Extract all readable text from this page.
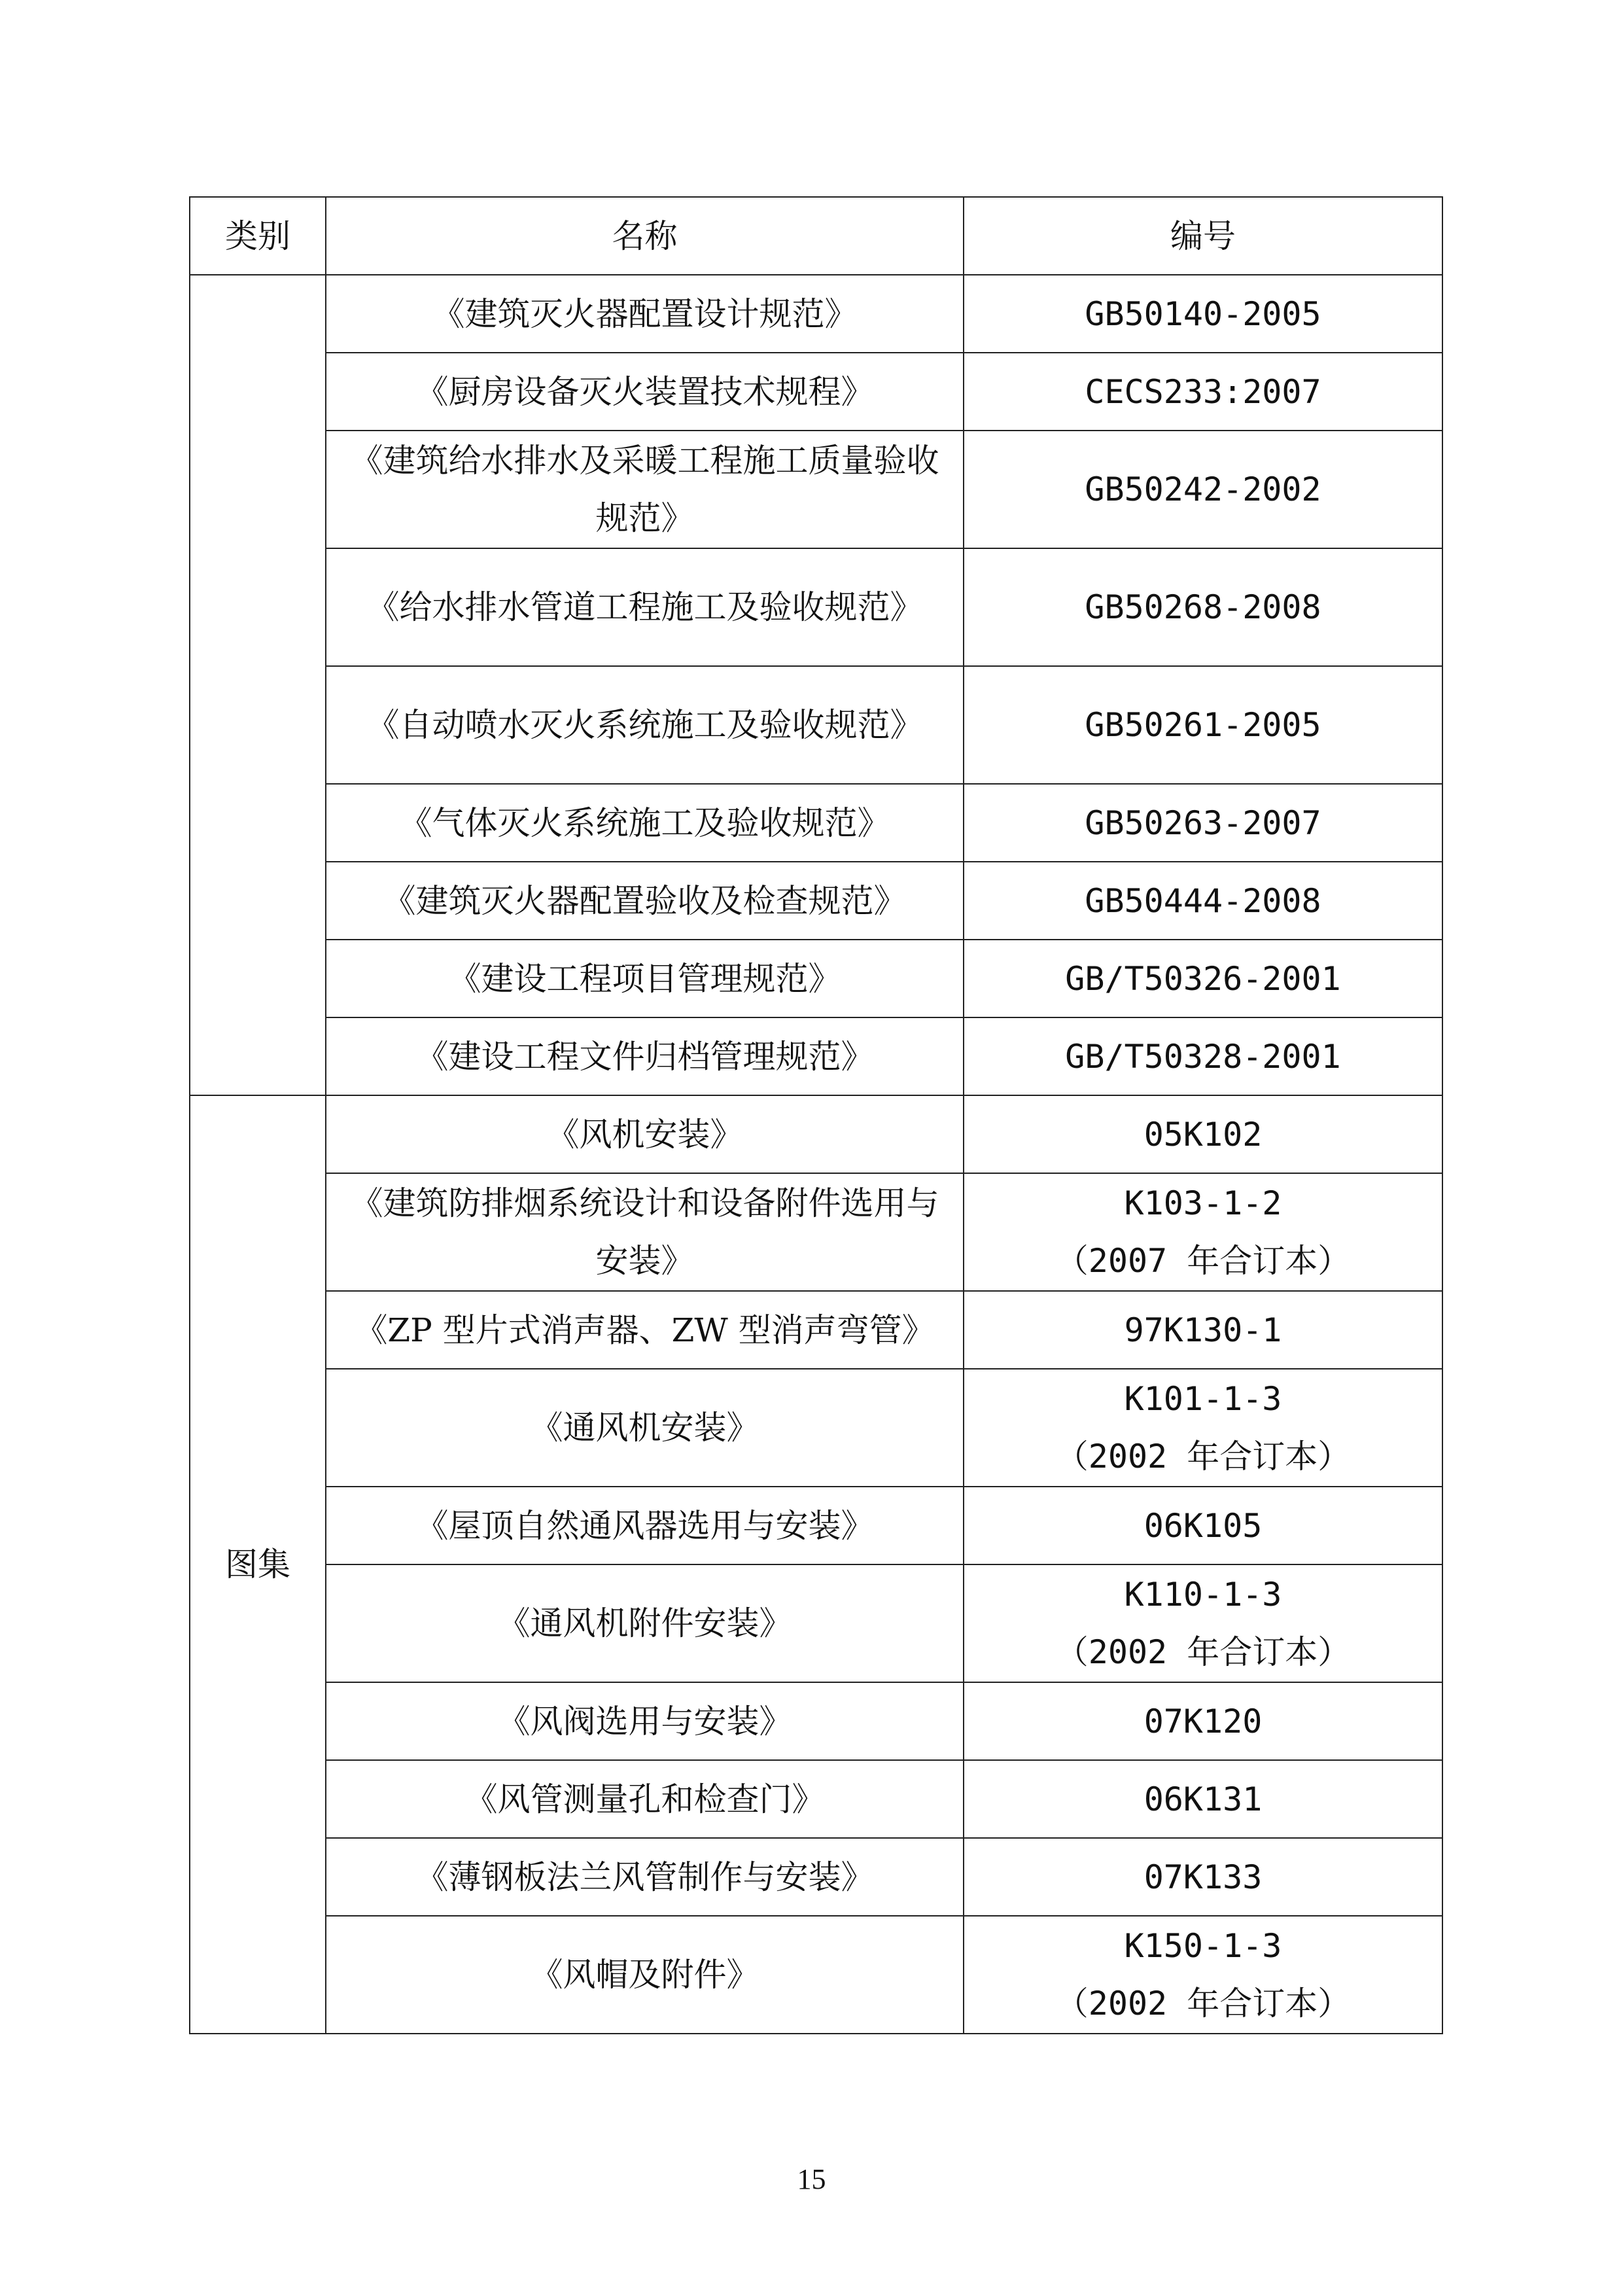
类别	名称	编号
	《建筑灭火器配置设计规范》	GB50140-2005
	《厨房设备灭火装置技术规程》	CECS233:2007
	《建筑给水排水及采暖工程施工质量验收规范》	GB50242-2002
	《给水排水管道工程施工及验收规范》	GB50268-2008
	《自动喷水灭火系统施工及验收规范》	GB50261-2005
	《气体灭火系统施工及验收规范》	GB50263-2007
	《建筑灭火器配置验收及检查规范》	GB50444-2008
	《建设工程项目管理规范》	GB/T50326-2001
	《建设工程文件归档管理规范》	GB/T50328-2001
图集	《风机安装》	05K102
	《建筑防排烟系统设计和设备附件选用与安装》	K103-1-2
（2007 年合订本）
	《ZP 型片式消声器、ZW 型消声弯管》	97K130-1
	《通风机安装》	K101-1-3
（2002 年合订本）
	《屋顶自然通风器选用与安装》	06K105
	《通风机附件安装》	K110-1-3
（2002 年合订本）
	《风阀选用与安装》	07K120
	《风管测量孔和检查门》	06K131
	《薄钢板法兰风管制作与安装》	07K133
	《风帽及附件》	K150-1-3
（2002 年合订本）
15
